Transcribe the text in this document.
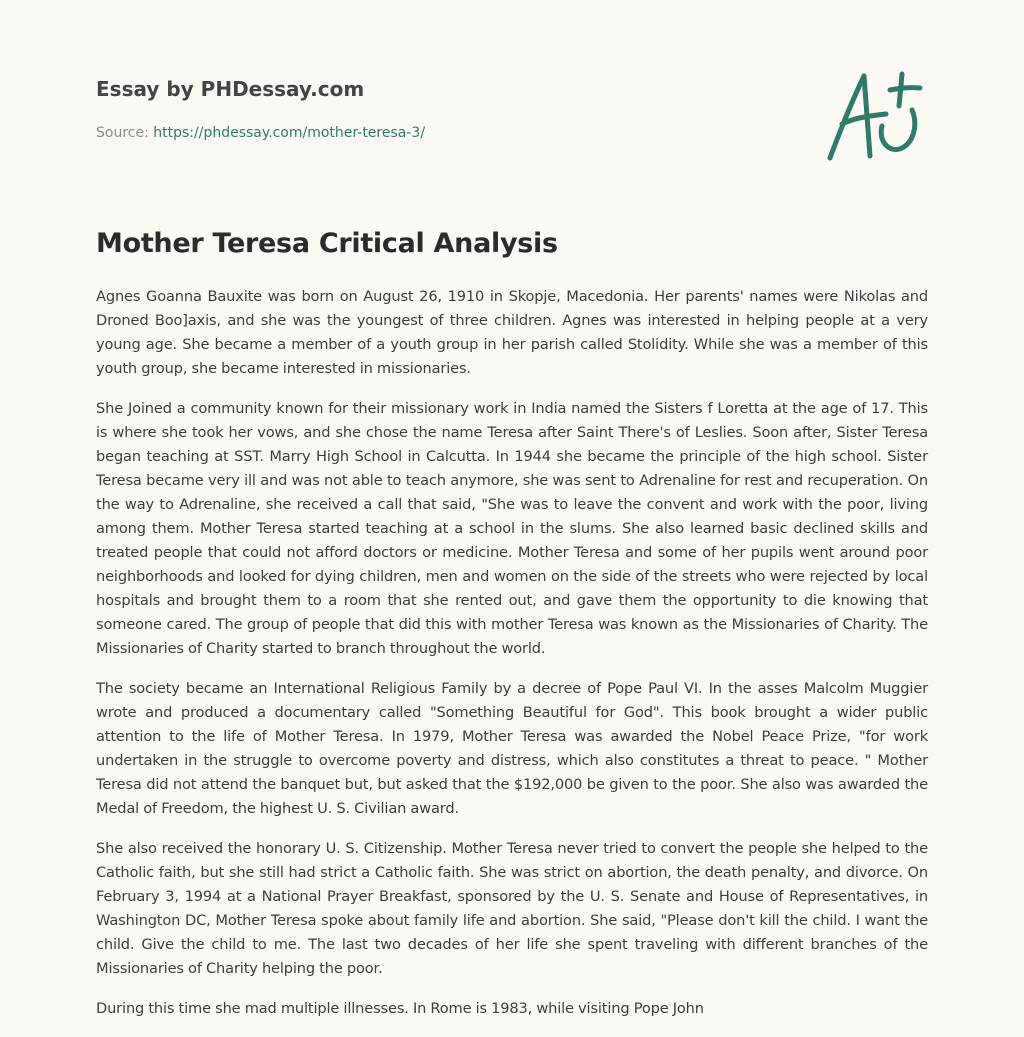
Essay by PHDessay.com
Source: https://phdessay.com/mother-teresa-3/
Mother Teresa Critical Analysis

Agnes Goanna Bauxite was born on August 26, 1910 in Skopje, Macedonia. Her parents' names were Nikolas and Droned Boo]axis, and she was the youngest of three children. Agnes was interested in helping people at a very young age. She became a member of a youth group in her parish called Stolidity. While she was a member of this youth group, she became interested in missionaries.

She Joined a community known for their missionary work in India named the Sisters f Loretta at the age of 17. This is where she took her vows, and she chose the name Teresa after Saint There's of Leslies. Soon after, Sister Teresa began teaching at SST. Marry High School in Calcutta. In 1944 she became the principle of the high school. Sister Teresa became very ill and was not able to teach anymore, she was sent to Adrenaline for rest and recuperation. On the way to Adrenaline, she received a call that said, "She was to leave the convent and work with the poor, living among them. Mother Teresa started teaching at a school in the slums. She also learned basic declined skills and treated people that could not afford doctors or medicine. Mother Teresa and some of her pupils went around poor neighborhoods and looked for dying children, men and women on the side of the streets who were rejected by local hospitals and brought them to a room that she rented out, and gave them the opportunity to die knowing that someone cared. The group of people that did this with mother Teresa was known as the Missionaries of Charity. The Missionaries of Charity started to branch throughout the world.

The society became an International Religious Family by a decree of Pope Paul VI. In the asses Malcolm Muggier wrote and produced a documentary called "Something Beautiful for God". This book brought a wider public attention to the life of Mother Teresa. In 1979, Mother Teresa was awarded the Nobel Peace Prize, "for work undertaken in the struggle to overcome poverty and distress, which also constitutes a threat to peace. " Mother Teresa did not attend the banquet but, but asked that the $192,000 be given to the poor. She also was awarded the Medal of Freedom, the highest U. S. Civilian award.

She also received the honorary U. S. Citizenship. Mother Teresa never tried to convert the people she helped to the Catholic faith, but she still had strict a Catholic faith. She was strict on abortion, the death penalty, and divorce. On February 3, 1994 at a National Prayer Breakfast, sponsored by the U. S. Senate and House of Representatives, in Washington DC, Mother Teresa spoke about family life and abortion. She said, "Please don't kill the child. I want the child. Give the child to me. The last two decades of her life she spent traveling with different branches of the Missionaries of Charity helping the poor.

During this time she mad multiple illnesses. In Rome is 1983, while visiting Pope John
